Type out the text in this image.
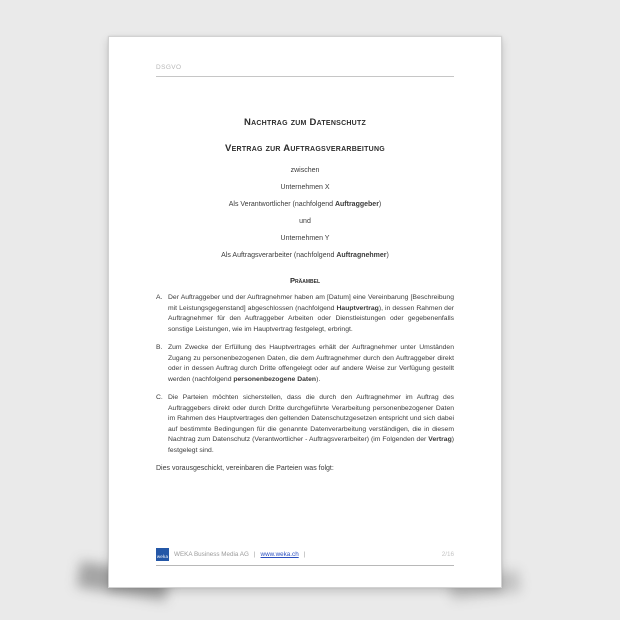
DSGVO
Nachtrag zum Datenschutz
Vertrag zur Auftragsverarbeitung

zwischen

Unternehmen X

Als Verantwortlicher (nachfolgend Auftraggeber)

und

Unternehmen Y

Als Auftragsverarbeiter (nachfolgend Auftragnehmer)

Präambel
A. Der Auftraggeber und der Auftragnehmer haben am [Datum] eine Vereinbarung [Beschreibung mit Leistungsgegenstand] abgeschlossen (nachfolgend Hauptvertrag), in dessen Rahmen der Auftragnehmer für den Auftraggeber Arbeiten oder Dienstleistungen oder gegebenenfalls sonstige Leistungen, wie im Hauptvertrag festgelegt, erbringt.
B. Zum Zwecke der Erfüllung des Hauptvertrages erhält der Auftragnehmer unter Umständen Zugang zu personenbezogenen Daten, die dem Auftragnehmer durch den Auftraggeber direkt oder in dessen Auftrag durch Dritte offengelegt oder auf andere Weise zur Verfügung gestellt werden (nachfolgend personenbezogene Daten).
C. Die Parteien möchten sicherstellen, dass die durch den Auftragnehmer im Auftrag des Auftraggebers direkt oder durch Dritte durchgeführte Verarbeitung personenbezogener Daten im Rahmen des Hauptvertrages den geltenden Datenschutzgesetzen entspricht und sich dabei auf bestimmte Bedingungen für die genannte Datenverarbeitung verständigen, die in diesem Nachtrag zum Datenschutz (Verantwortlicher - Auftragsverarbeiter) (im Folgenden der Vertrag) festgelegt sind.

Dies vorausgeschickt, vereinbaren die Parteien was folgt:

weka WEKA Business Media AG | www.weka.ch |	2/16
